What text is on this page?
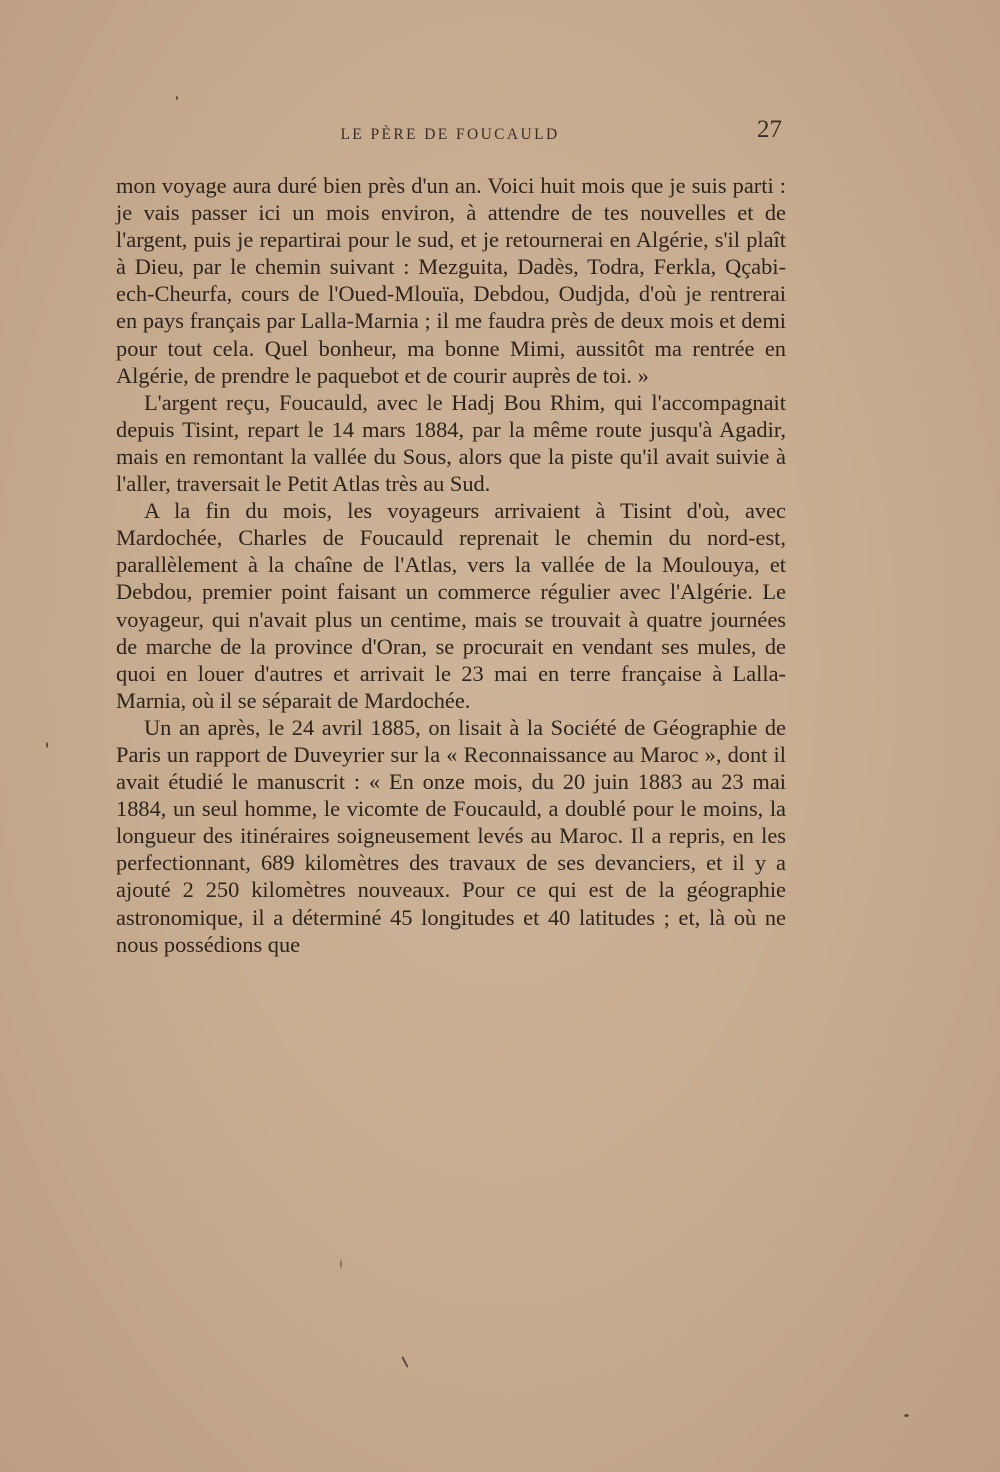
LE PÈRE DE FOUCAULD	27

mon voyage aura duré bien près d'un an. Voici huit mois que je suis parti : je vais passer ici un mois environ, à attendre de tes nouvelles et de l'argent, puis je repartirai pour le sud, et je retournerai en Algérie, s'il plaît à Dieu, par le chemin suivant : Mezguita, Dadès, Todra, Ferkla, Qçabi-ech-Cheurfa, cours de l'Oued-Mlouïa, Debdou, Oudjda, d'où je rentrerai en pays français par Lalla-Marnia ; il me faudra près de deux mois et demi pour tout cela. Quel bonheur, ma bonne Mimi, aussitôt ma rentrée en Algérie, de prendre le paquebot et de courir auprès de toi. »

L'argent reçu, Foucauld, avec le Hadj Bou Rhim, qui l'accompagnait depuis Tisint, repart le 14 mars 1884, par la même route jusqu'à Agadir, mais en remontant la vallée du Sous, alors que la piste qu'il avait suivie à l'aller, traversait le Petit Atlas très au Sud.

A la fin du mois, les voyageurs arrivaient à Tisint d'où, avec Mardochée, Charles de Foucauld reprenait le chemin du nord-est, parallèlement à la chaîne de l'Atlas, vers la vallée de la Moulouya, et Debdou, premier point faisant un commerce régulier avec l'Algérie. Le voyageur, qui n'avait plus un centime, mais se trouvait à quatre journées de marche de la province d'Oran, se procurait en vendant ses mules, de quoi en louer d'autres et arrivait le 23 mai en terre française à Lalla-Marnia, où il se séparait de Mardochée.

Un an après, le 24 avril 1885, on lisait à la Société de Géographie de Paris un rapport de Duveyrier sur la « Reconnaissance au Maroc », dont il avait étudié le manuscrit : « En onze mois, du 20 juin 1883 au 23 mai 1884, un seul homme, le vicomte de Foucauld, a doublé pour le moins, la longueur des itinéraires soigneusement levés au Maroc. Il a repris, en les perfectionnant, 689 kilomètres des travaux de ses devanciers, et il y a ajouté 2 250 kilomètres nouveaux. Pour ce qui est de la géographie astronomique, il a déterminé 45 longitudes et 40 latitudes ; et, là où ne nous possédions que
